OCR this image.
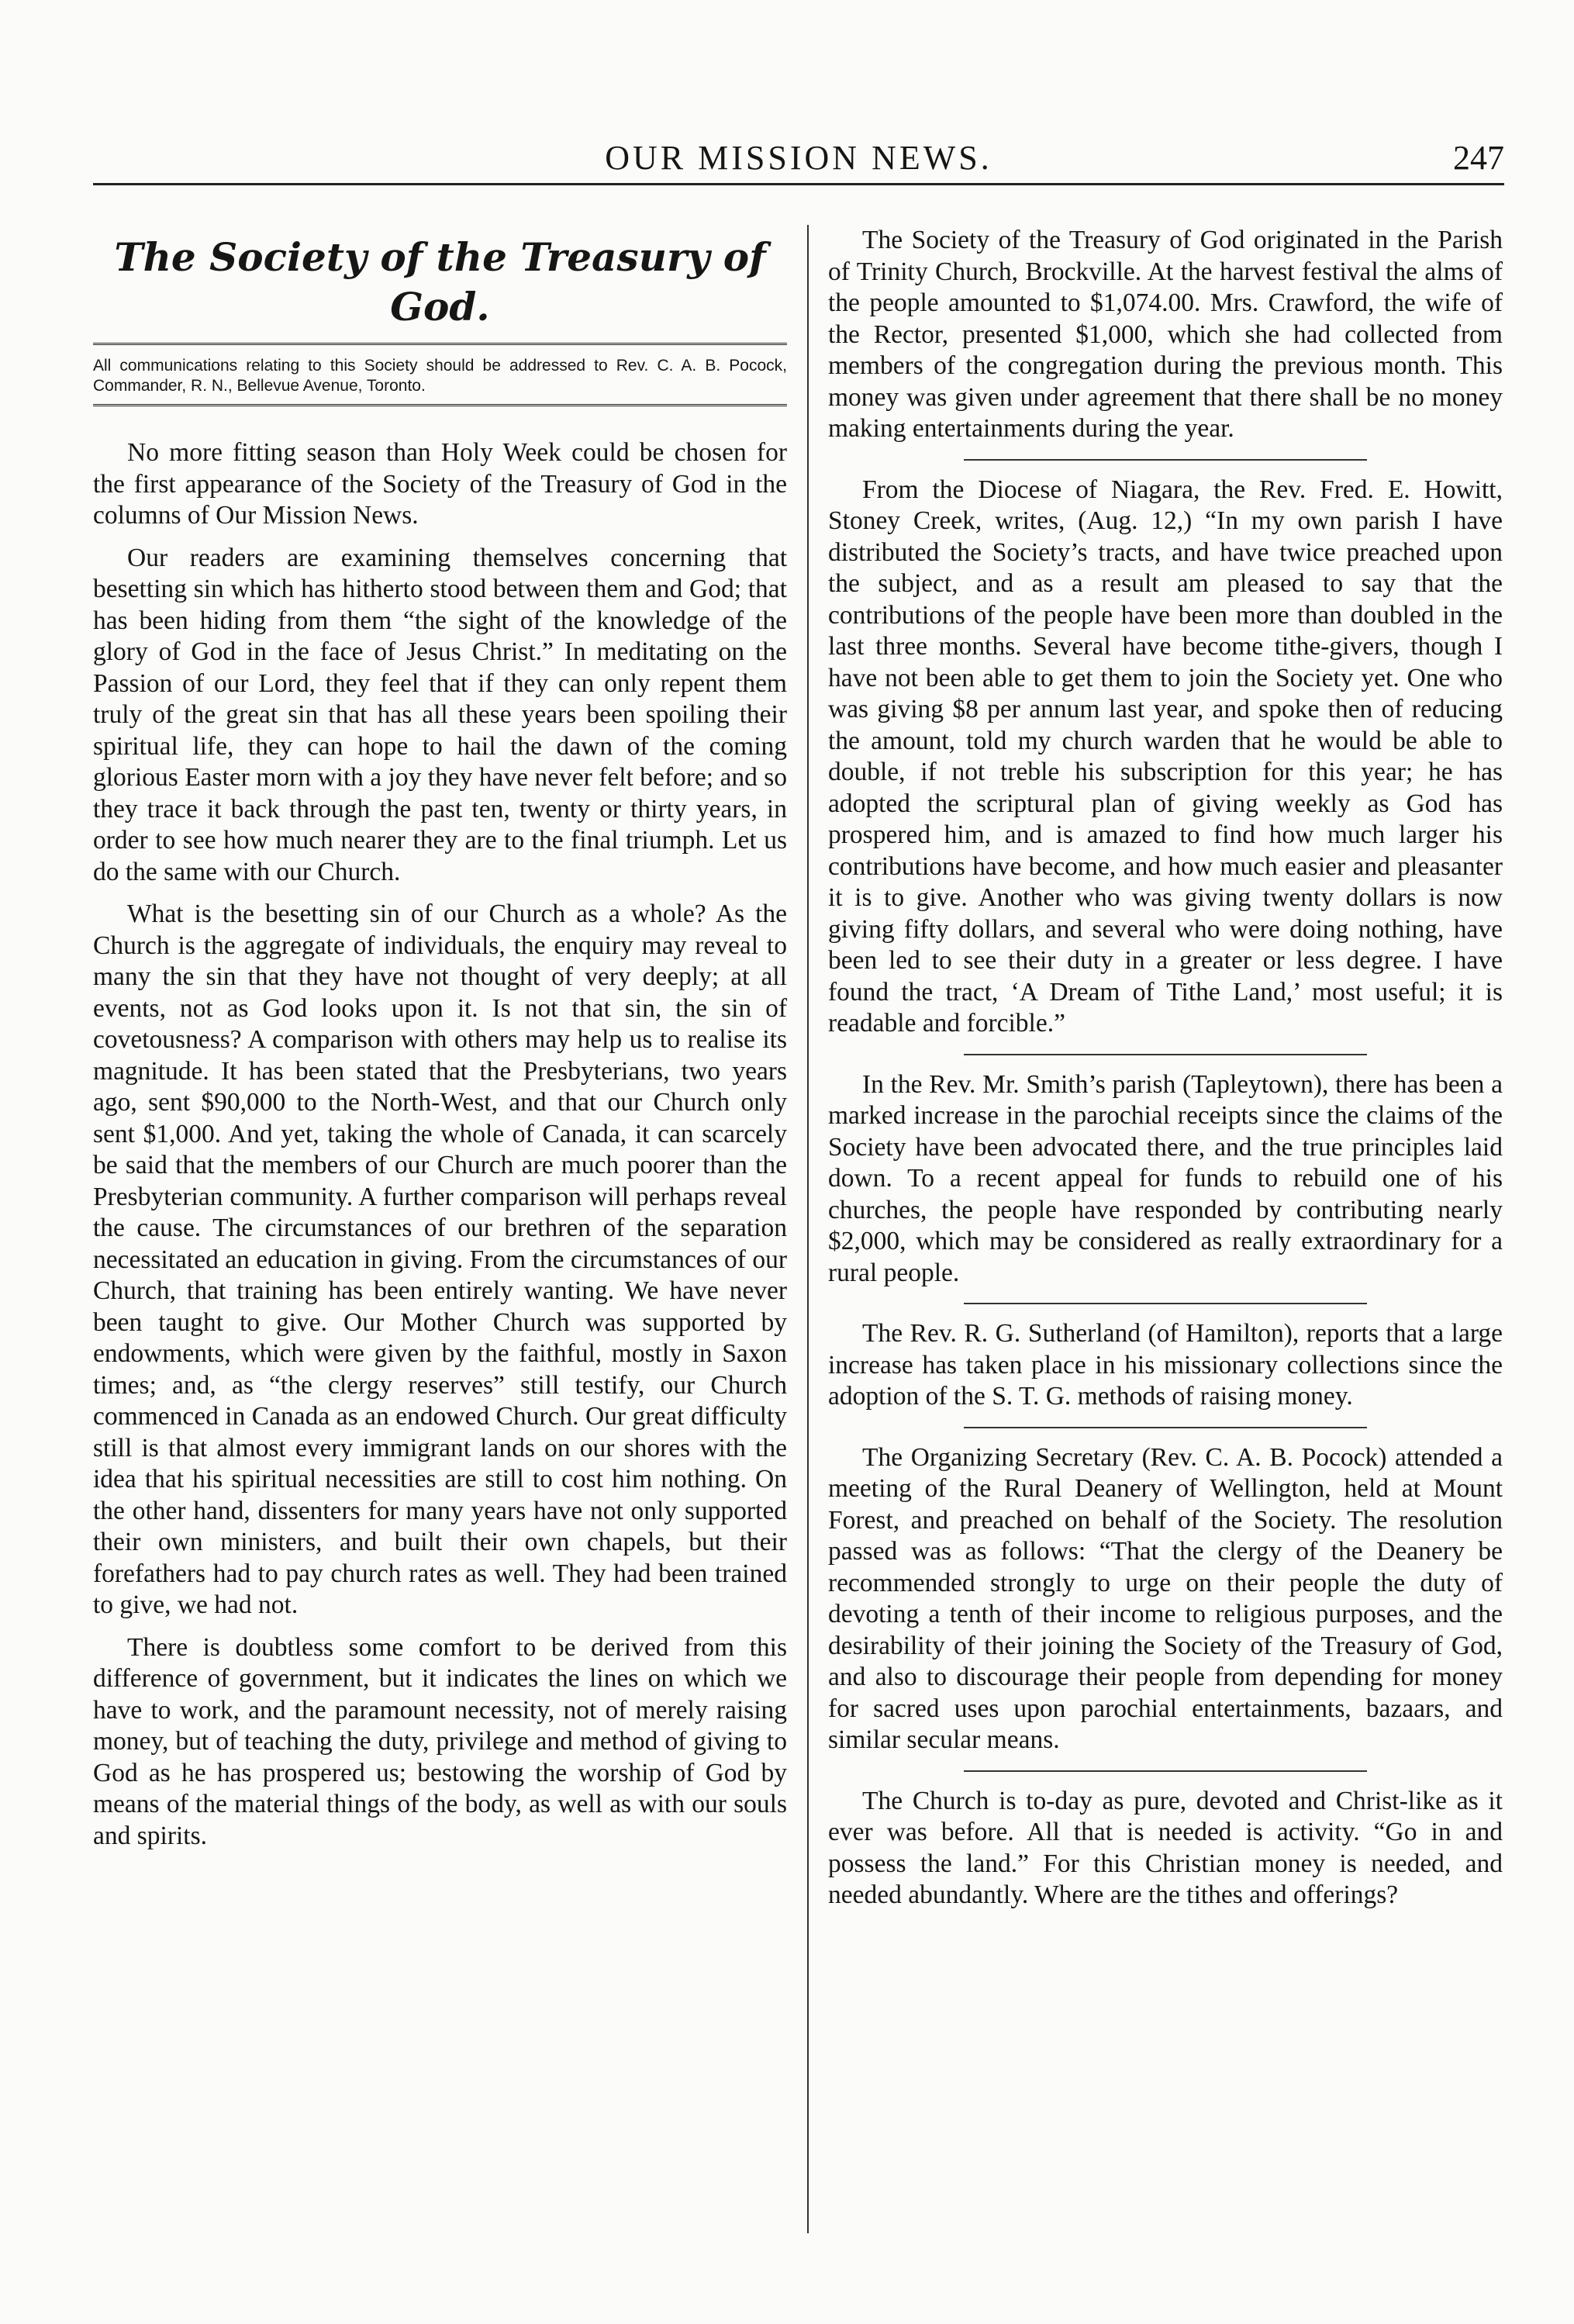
OUR MISSION NEWS.	247
The Society of the Treasury of God.
All communications relating to this Society should be addressed to Rev. C. A. B. Pocock, Commander, R. N., Bellevue Avenue, Toronto.

No more fitting season than Holy Week could be chosen for the first appearance of the Society of the Treasury of God in the columns of Our Mission News.

Our readers are examining themselves concerning that besetting sin which has hitherto stood between them and God; that has been hiding from them “the sight of the knowledge of the glory of God in the face of Jesus Christ.” In meditating on the Passion of our Lord, they feel that if they can only repent them truly of the great sin that has all these years been spoiling their spiritual life, they can hope to hail the dawn of the coming glorious Easter morn with a joy they have never felt before; and so they trace it back through the past ten, twenty or thirty years, in order to see how much nearer they are to the final triumph. Let us do the same with our Church.

What is the besetting sin of our Church as a whole? As the Church is the aggregate of individuals, the enquiry may reveal to many the sin that they have not thought of very deeply; at all events, not as God looks upon it. Is not that sin, the sin of covetousness? A comparison with others may help us to realise its magnitude. It has been stated that the Presbyterians, two years ago, sent $90,000 to the North-West, and that our Church only sent $1,000. And yet, taking the whole of Canada, it can scarcely be said that the members of our Church are much poorer than the Presbyterian community. A further comparison will perhaps reveal the cause. The circumstances of our brethren of the separation necessitated an education in giving. From the circumstances of our Church, that training has been entirely wanting. We have never been taught to give. Our Mother Church was supported by endowments, which were given by the faithful, mostly in Saxon times; and, as “the clergy reserves” still testify, our Church commenced in Canada as an endowed Church. Our great difficulty still is that almost every immigrant lands on our shores with the idea that his spiritual necessities are still to cost him nothing. On the other hand, dissenters for many years have not only supported their own ministers, and built their own chapels, but their forefathers had to pay church rates as well. They had been trained to give, we had not.

There is doubtless some comfort to be derived from this difference of government, but it indicates the lines on which we have to work, and the paramount necessity, not of merely raising money, but of teaching the duty, privilege and method of giving to God as he has prospered us; bestowing the worship of God by means of the material things of the body, as well as with our souls and spirits.

The Society of the Treasury of God originated in the Parish of Trinity Church, Brockville. At the harvest festival the alms of the people amounted to $1,074.00. Mrs. Crawford, the wife of the Rector, presented $1,000, which she had collected from members of the congregation during the previous month. This money was given under agreement that there shall be no money making entertainments during the year.

From the Diocese of Niagara, the Rev. Fred. E. Howitt, Stoney Creek, writes, (Aug. 12,) “In my own parish I have distributed the Society’s tracts, and have twice preached upon the subject, and as a result am pleased to say that the contributions of the people have been more than doubled in the last three months. Several have become tithe-givers, though I have not been able to get them to join the Society yet. One who was giving $8 per annum last year, and spoke then of reducing the amount, told my church warden that he would be able to double, if not treble his subscription for this year; he has adopted the scriptural plan of giving weekly as God has prospered him, and is amazed to find how much larger his contributions have become, and how much easier and pleasanter it is to give. Another who was giving twenty dollars is now giving fifty dollars, and several who were doing nothing, have been led to see their duty in a greater or less degree. I have found the tract, ‘A Dream of Tithe Land,’ most useful; it is readable and forcible.”

In the Rev. Mr. Smith’s parish (Tapleytown), there has been a marked increase in the parochial receipts since the claims of the Society have been advocated there, and the true principles laid down. To a recent appeal for funds to rebuild one of his churches, the people have responded by contributing nearly $2,000, which may be considered as really extraordinary for a rural people.

The Rev. R. G. Sutherland (of Hamilton), reports that a large increase has taken place in his missionary collections since the adoption of the S. T. G. methods of raising money.

The Organizing Secretary (Rev. C. A. B. Pocock) attended a meeting of the Rural Deanery of Wellington, held at Mount Forest, and preached on behalf of the Society. The resolution passed was as follows: “That the clergy of the Deanery be recommended strongly to urge on their people the duty of devoting a tenth of their income to religious purposes, and the desirability of their joining the Society of the Treasury of God, and also to discourage their people from depending for money for sacred uses upon parochial entertainments, bazaars, and similar secular means.

The Church is to-day as pure, devoted and Christ-like as it ever was before. All that is needed is activity. “Go in and possess the land.” For this Christian money is needed, and needed abundantly. Where are the tithes and offerings?
